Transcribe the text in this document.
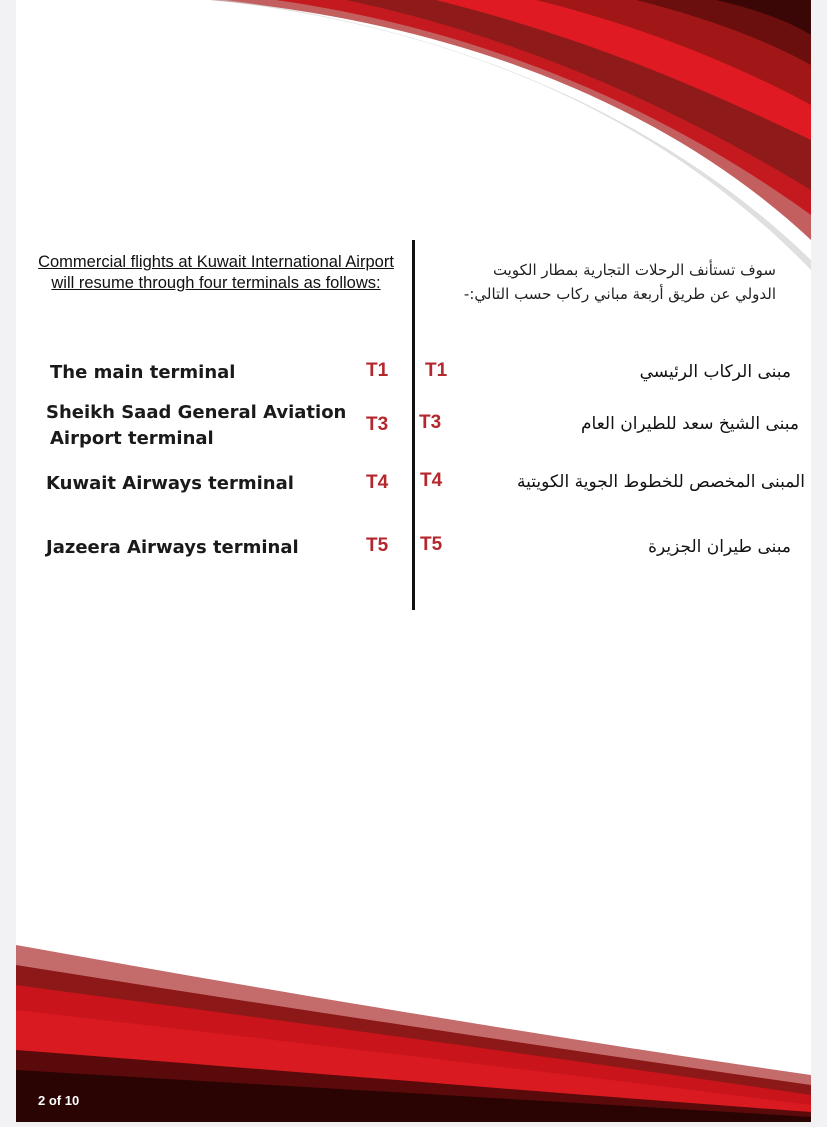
Commercial flights at Kuwait International Airport will resume through four terminals as follows:

سوف تستأنف الرحلات التجارية بمطار الكويت
الدولي عن طريق أربعة مباني ركاب حسب التالي:-
The main terminal	T1 T1	مبنى الركاب الرئيسي
Sheikh Saad General Aviation
Airport terminal
T3 T3	مبنى الشيخ سعد للطيران العام
Kuwait Airways terminal	T4 T4	المبنى المخصص للخطوط الجوية الكويتية
Jazeera Airways terminal	T5 T5	مبنى طيران الجزيرة
2 of 10
